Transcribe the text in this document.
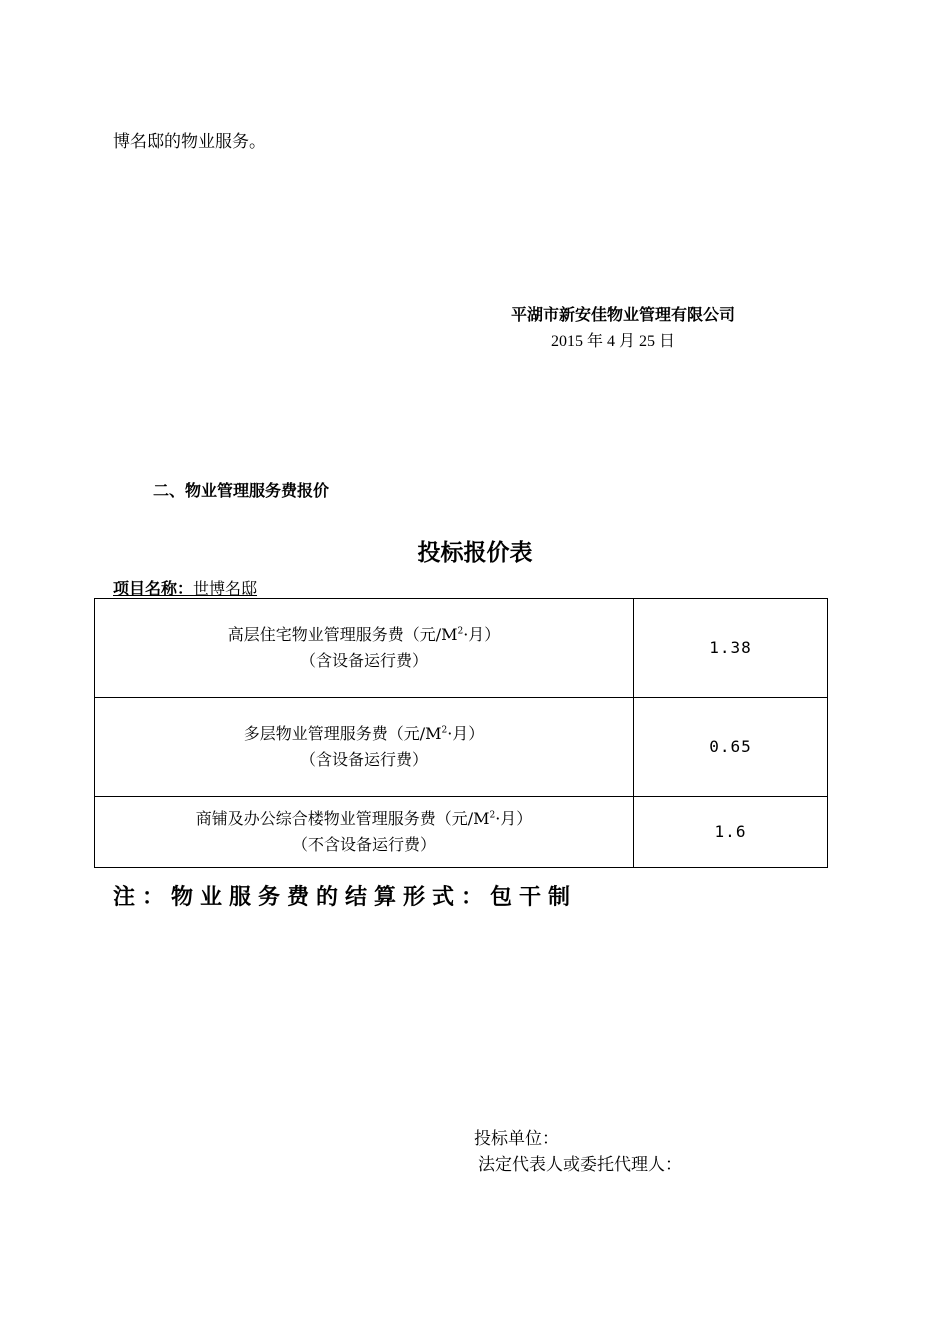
博名邸的物业服务。
平湖市新安佳物业管理有限公司
2015 年 4 月 25 日
二、物业管理服务费报价
投标报价表
项目名称：世博名邸
高层住宅物业管理服务费（元$/M^2\cdot$月）
（含设备运行费）	1.38

多层物业管理服务费（元$/M^2\cdot$月）
（含设备运行费）	0.65

商铺及办公综合楼物业管理服务费（元$/M^2\cdot$月）
（不含设备运行费）	1.6
注：物业服务费的结算形式：包干制
投标单位：
法定代表人或委托代理人：
